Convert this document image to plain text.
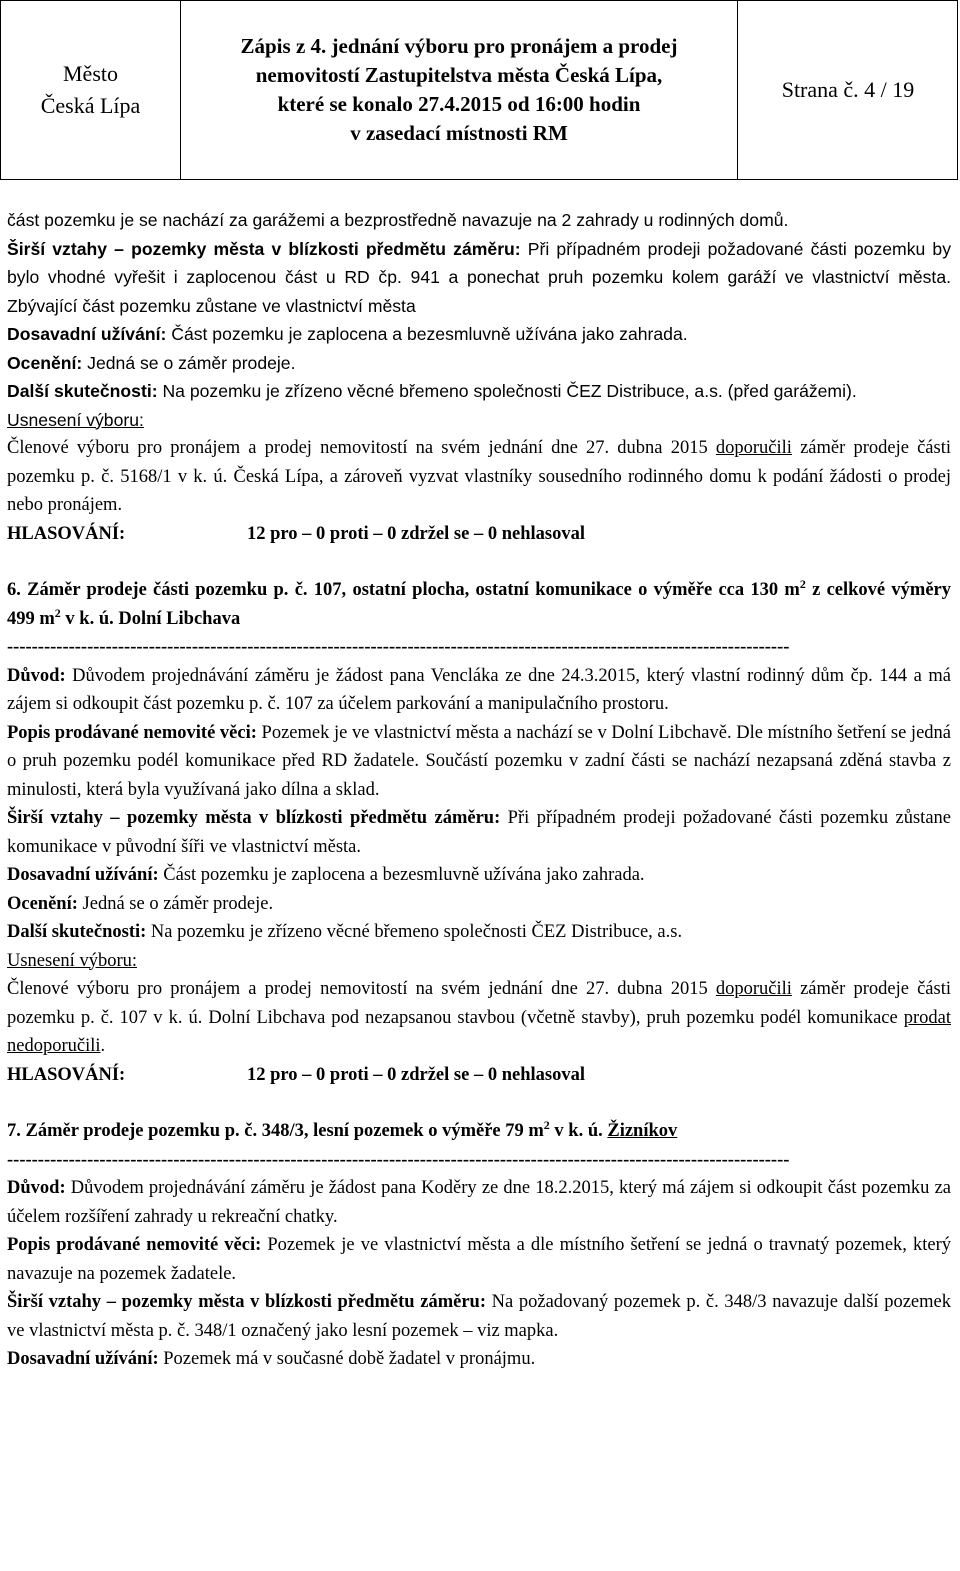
Město
Česká Lípa
Zápis z 4. jednání výboru pro pronájem a prodej
nemovitostí Zastupitelstva města Česká Lípa,
které se konalo 27.4.2015 od 16:00 hodin
v zasedací místnosti RM
Strana č. 4 / 19

část pozemku je se nachází za garážemi a bezprostředně navazuje na 2 zahrady u rodinných domů.

Širší vztahy – pozemky města v blízkosti předmětu záměru: Při případném prodeji požadované části pozemku by bylo vhodné vyřešit i zaplocenou část u RD čp. 941 a ponechat pruh pozemku kolem garáží ve vlastnictví města. Zbývající část pozemku zůstane ve vlastnictví města

Dosavadní užívání: Část pozemku je zaplocena a bezesmluvně užívána jako zahrada.

Ocenění: Jedná se o záměr prodeje.

Další skutečnosti: Na pozemku je zřízeno věcné břemeno společnosti ČEZ Distribuce, a.s. (před garážemi).

Usnesení výboru:

Členové výboru pro pronájem a prodej nemovitostí na svém jednání dne 27. dubna 2015 doporučili záměr prodeje části pozemku p. č. 5168/1 v k. ú. Česká Lípa, a zároveň vyzvat vlastníky sousedního rodinného domu k podání žádosti o prodej nebo pronájem.

HLASOVÁNÍ:	12 pro – 0 proti – 0 zdržel se – 0 nehlasoval

6. Záměr prodeje části pozemku p. č. 107, ostatní plocha, ostatní komunikace o výměře cca 130 $m^2$ z celkové výměry 499 $m^2$ v k. ú. Dolní Libchava

-------------------------------------------------------------------------------------------------------------------------------

Důvod: Důvodem projednávání záměru je žádost pana Vencláka ze dne 24.3.2015, který vlastní rodinný dům čp. 144 a má zájem si odkoupit část pozemku p. č. 107 za účelem parkování a manipulačního prostoru.

Popis prodávané nemovité věci: Pozemek je ve vlastnictví města a nachází se v Dolní Libchavě. Dle místního šetření se jedná o pruh pozemku podél komunikace před RD žadatele. Součástí pozemku v zadní části se nachází nezapsaná zděná stavba z minulosti, která byla využívaná jako dílna a sklad.

Širší vztahy – pozemky města v blízkosti předmětu záměru: Při případném prodeji požadované části pozemku zůstane komunikace v původní šíři ve vlastnictví města.

Dosavadní užívání: Část pozemku je zaplocena a bezesmluvně užívána jako zahrada.

Ocenění: Jedná se o záměr prodeje.

Další skutečnosti: Na pozemku je zřízeno věcné břemeno společnosti ČEZ Distribuce, a.s.

Usnesení výboru:

Členové výboru pro pronájem a prodej nemovitostí na svém jednání dne 27. dubna 2015 doporučili záměr prodeje části pozemku p. č. 107 v k. ú. Dolní Libchava pod nezapsanou stavbou (včetně stavby), pruh pozemku podél komunikace prodat nedoporučili.

HLASOVÁNÍ:	12 pro – 0 proti – 0 zdržel se – 0 nehlasoval

7. Záměr prodeje pozemku p. č. 348/3, lesní pozemek o výměře 79 $m^2$ v k. ú. Žizníkov

-------------------------------------------------------------------------------------------------------------------------------

Důvod: Důvodem projednávání záměru je žádost pana Koděry ze dne 18.2.2015, který má zájem si odkoupit část pozemku za účelem rozšíření zahrady u rekreační chatky.

Popis prodávané nemovité věci: Pozemek je ve vlastnictví města a dle místního šetření se jedná o travnatý pozemek, který navazuje na pozemek žadatele.

Širší vztahy – pozemky města v blízkosti předmětu záměru: Na požadovaný pozemek p. č. 348/3 navazuje další pozemek ve vlastnictví města p. č. 348/1 označený jako lesní pozemek – viz mapka.

Dosavadní užívání: Pozemek má v současné době žadatel v pronájmu.
